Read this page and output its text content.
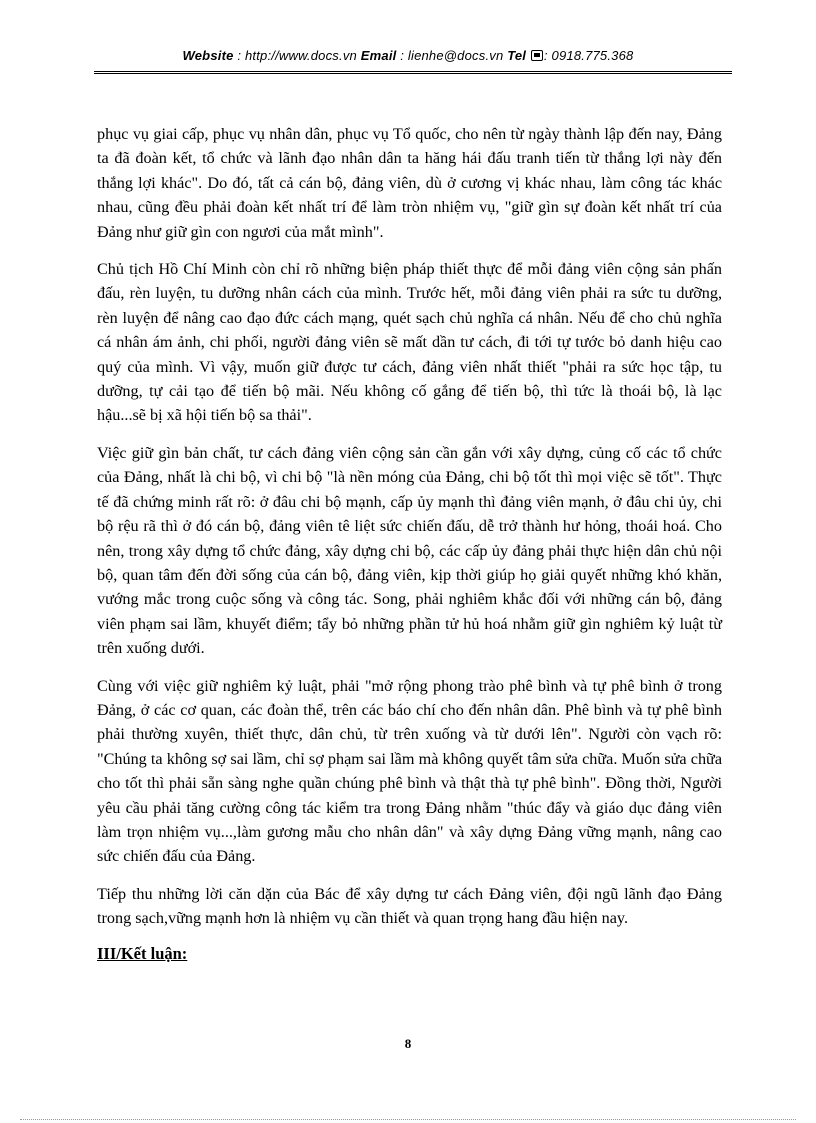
Website : http://www.docs.vn Email : lienhe@docs.vn Tel : 0918.775.368

phục vụ giai cấp, phục vụ nhân dân, phục vụ Tổ quốc, cho nên từ ngày thành lập đến nay, Đảng ta đã đoàn kết, tổ chức và lãnh đạo nhân dân ta hăng hái đấu tranh tiến từ thắng lợi này đến thắng lợi khác". Do đó, tất cả cán bộ, đảng viên, dù ở cương vị khác nhau, làm công tác khác nhau, cũng đều phải đoàn kết nhất trí để làm tròn nhiệm vụ, "giữ gìn sự đoàn kết nhất trí của Đảng như giữ gìn con ngươi của mắt mình".

Chủ tịch Hồ Chí Minh còn chỉ rõ những biện pháp thiết thực để mỗi đảng viên cộng sản phấn đấu, rèn luyện, tu dưỡng nhân cách của mình. Trước hết, mỗi đảng viên phải ra sức tu dưỡng, rèn luyện để nâng cao đạo đức cách mạng, quét sạch chủ nghĩa cá nhân. Nếu để cho chủ nghĩa cá nhân ám ảnh, chi phối, người đảng viên sẽ mất dần tư cách, đi tới tự tước bỏ danh hiệu cao quý của mình. Vì vậy, muốn giữ được tư cách, đảng viên nhất thiết "phải ra sức học tập, tu dưỡng, tự cải tạo để tiến bộ mãi. Nếu không cố gắng để tiến bộ, thì tức là thoái bộ, là lạc hậu...sẽ bị xã hội tiến bộ sa thải".

Việc giữ gìn bản chất, tư cách đảng viên cộng sản cần gắn với xây dựng, củng cố các tổ chức của Đảng, nhất là chi bộ, vì chi bộ "là nền móng của Đảng, chi bộ tốt thì mọi việc sẽ tốt". Thực tế đã chứng minh rất rõ: ở đâu chi bộ mạnh, cấp ủy mạnh thì đảng viên mạnh, ở đâu chi ủy, chi bộ rệu rã thì ở đó cán bộ, đảng viên tê liệt sức chiến đấu, dễ trở thành hư hỏng, thoái hoá. Cho nên, trong xây dựng tổ chức đảng, xây dựng chi bộ, các cấp ủy đảng phải thực hiện dân chủ nội bộ, quan tâm đến đời sống của cán bộ, đảng viên, kịp thời giúp họ giải quyết những khó khăn, vướng mắc trong cuộc sống và công tác. Song, phải nghiêm khắc đối với những cán bộ, đảng viên phạm sai lầm, khuyết điểm; tẩy bỏ những phần tử hủ hoá nhằm giữ gìn nghiêm kỷ luật từ trên xuống dưới.

Cùng với việc giữ nghiêm kỷ luật, phải "mở rộng phong trào phê bình và tự phê bình ở trong Đảng, ở các cơ quan, các đoàn thể, trên các báo chí cho đến nhân dân. Phê bình và tự phê bình phải thường xuyên, thiết thực, dân chủ, từ trên xuống và từ dưới lên". Người còn vạch rõ: "Chúng ta không sợ sai lầm, chỉ sợ phạm sai lầm mà không quyết tâm sửa chữa. Muốn sửa chữa cho tốt thì phải sẵn sàng nghe quần chúng phê bình và thật thà tự phê bình". Đồng thời, Người yêu cầu phải tăng cường công tác kiểm tra trong Đảng nhằm "thúc đẩy và giáo dục đảng viên làm trọn nhiệm vụ...,làm gương mẫu cho nhân dân" và xây dựng Đảng vững mạnh, nâng cao sức chiến đấu của Đảng.

Tiếp thu những lời căn dặn của Bác để xây dựng tư cách Đảng viên, đội ngũ lãnh đạo Đảng trong sạch,vững mạnh hơn là nhiệm vụ cần thiết và quan trọng hang đầu hiện nay.

III/Kết luận:
8
